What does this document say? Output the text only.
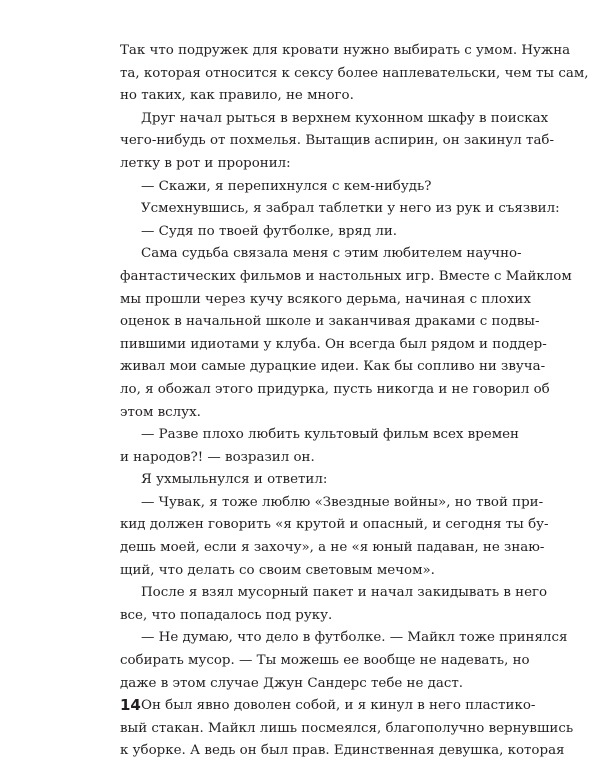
Так что подружек для кровати нужно выбирать с умом. Нужна
та, которая относится к сексу более наплевательски, чем ты сам,
но таких, как правило, не много.
Друг начал рыться в верхнем кухонном шкафу в поисках
чего-нибудь от похмелья. Вытащив аспирин, он закинул таб-
летку в рот и проронил:
— Скажи, я перепихнулся с кем-нибудь?
Усмехнувшись, я забрал таблетки у него из рук и съязвил:
— Судя по твоей футболке, вряд ли.
Сама судьба связала меня с этим любителем научно-
фантастических фильмов и настольных игр. Вместе с Майклом
мы прошли через кучу всякого дерьма, начиная с плохих
оценок в начальной школе и заканчивая драками с подвы-
пившими идиотами у клуба. Он всегда был рядом и поддер-
живал мои самые дурацкие идеи. Как бы сопливо ни звуча-
ло, я обожал этого придурка, пусть никогда и не говорил об
этом вслух.
— Разве плохо любить культовый фильм всех времен
и народов?! — возразил он.
Я ухмыльнулся и ответил:
— Чувак, я тоже люблю «Звездные войны», но твой при-
кид должен говорить «я крутой и опасный, и сегодня ты бу-
дешь моей, если я захочу», а не «я юный падаван, не знаю-
щий, что делать со своим световым мечом».
После я взял мусорный пакет и начал закидывать в него
все, что попадалось под руку.
— Не думаю, что дело в футболке. — Майкл тоже принялся
собирать мусор. — Ты можешь ее вообще не надевать, но
даже в этом случае Джун Сандерс тебе не даст.
Он был явно доволен собой, и я кинул в него пластико-
вый стакан. Майкл лишь посмеялся, благополучно вернувшись
к уборке. А ведь он был прав. Единственная девушка, которая
14
